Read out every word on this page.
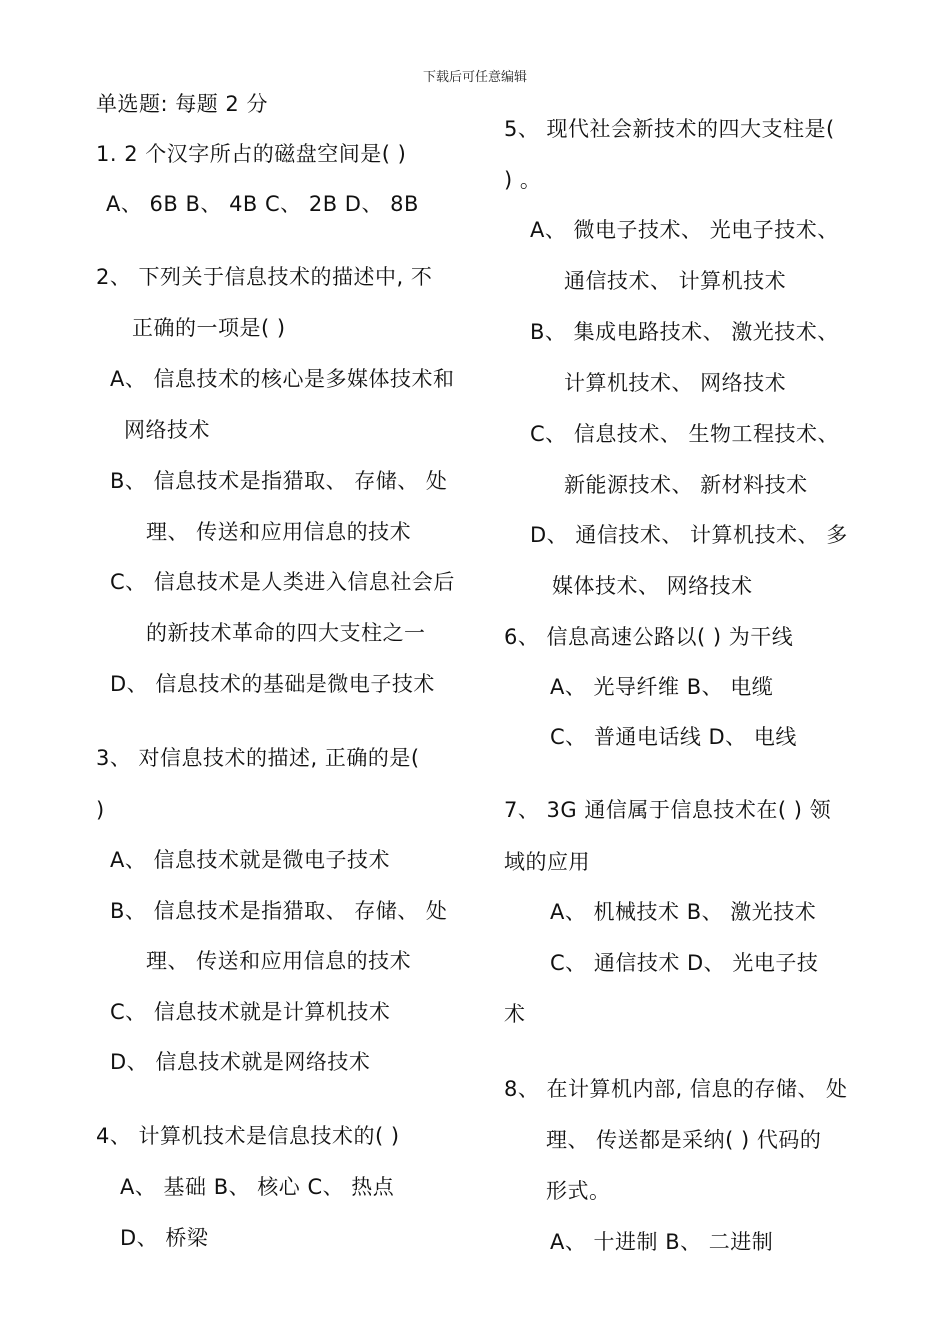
下载后可任意编辑
单选题: 每题 2 分
1. 2 个汉字所占的磁盘空间是( )
A、 6B B、 4B C、 2B D、 8B
2、 下列关于信息技术的描述中, 不
正确的一项是( )
A、 信息技术的核心是多媒体技术和
网络技术
B、 信息技术是指猎取、 存储、 处
理、 传送和应用信息的技术
C、 信息技术是人类进入信息社会后
的新技术革命的四大支柱之一
D、 信息技术的基础是微电子技术
3、 对信息技术的描述, 正确的是(
)
A、 信息技术就是微电子技术
B、 信息技术是指猎取、 存储、 处
理、 传送和应用信息的技术
C、 信息技术就是计算机技术
D、 信息技术就是网络技术
4、 计算机技术是信息技术的( )
A、 基础 B、 核心 C、 热点
D、 桥梁
5、 现代社会新技术的四大支柱是(
) 。
A、 微电子技术、 光电子技术、
通信技术、 计算机技术
B、 集成电路技术、 激光技术、
计算机技术、 网络技术
C、 信息技术、 生物工程技术、
新能源技术、 新材料技术
D、 通信技术、 计算机技术、 多
媒体技术、 网络技术
6、 信息高速公路以( ) 为干线
A、 光导纤维 B、 电缆
C、 普通电话线 D、 电线
7、 3G 通信属于信息技术在( ) 领
域的应用
A、 机械技术 B、 激光技术
C、 通信技术 D、 光电子技
术
8、 在计算机内部, 信息的存储、 处
理、 传送都是采纳( ) 代码的
形式。
A、 十进制 B、 二进制
